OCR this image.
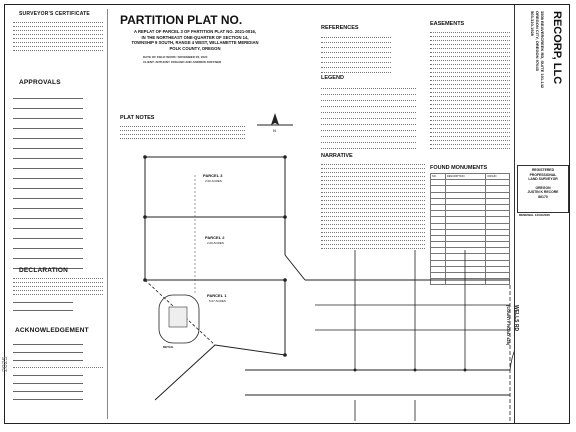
SURVEYOR'S CERTIFICATE
APPROVALS
DECLARATION
ACKNOWLEDGEMENT
PARTITION PLAT NO.
A REPLAT OF PARCEL 3 OF PARTITION PLAT NO. 2021-0016,
IN THE NORTHEAST ONE-QUARTER OF SECTION 14,
TOWNSHIP 9 SOUTH, RANGE 4 WEST, WILLAMETTE MERIDIAN
POLK COUNTY, OREGON
DATE OF FIELD WORK: NOVEMBER 26, 2024
CLIENT: ANTHONY FRIGAND AND ANDREW DOFFNER
N
PLAT NOTES
REFERENCES
LEGEND
NARRATIVE
EASEMENTS
FOUND MONUMENTS
NO.	DESCRIPTION	ORIGIN

PARCEL 3
2.00 ACRES
PARCEL 2
2.00 ACRES
PARCEL 1
5.07 ACRES
DETAIL
WELLS RD
(COUNTY ROAD 428)
RECORP, LLC
3508 BEAVERCREEK RD, SUITE 101-142
OREGON CITY, OREGON 97045
503-310-1928
REGISTERED
PROFESSIONAL
LAND SURVEYOR
OREGON
JUSTIN K RECORE
86170
RENEWAL 12/31/2026
2025
